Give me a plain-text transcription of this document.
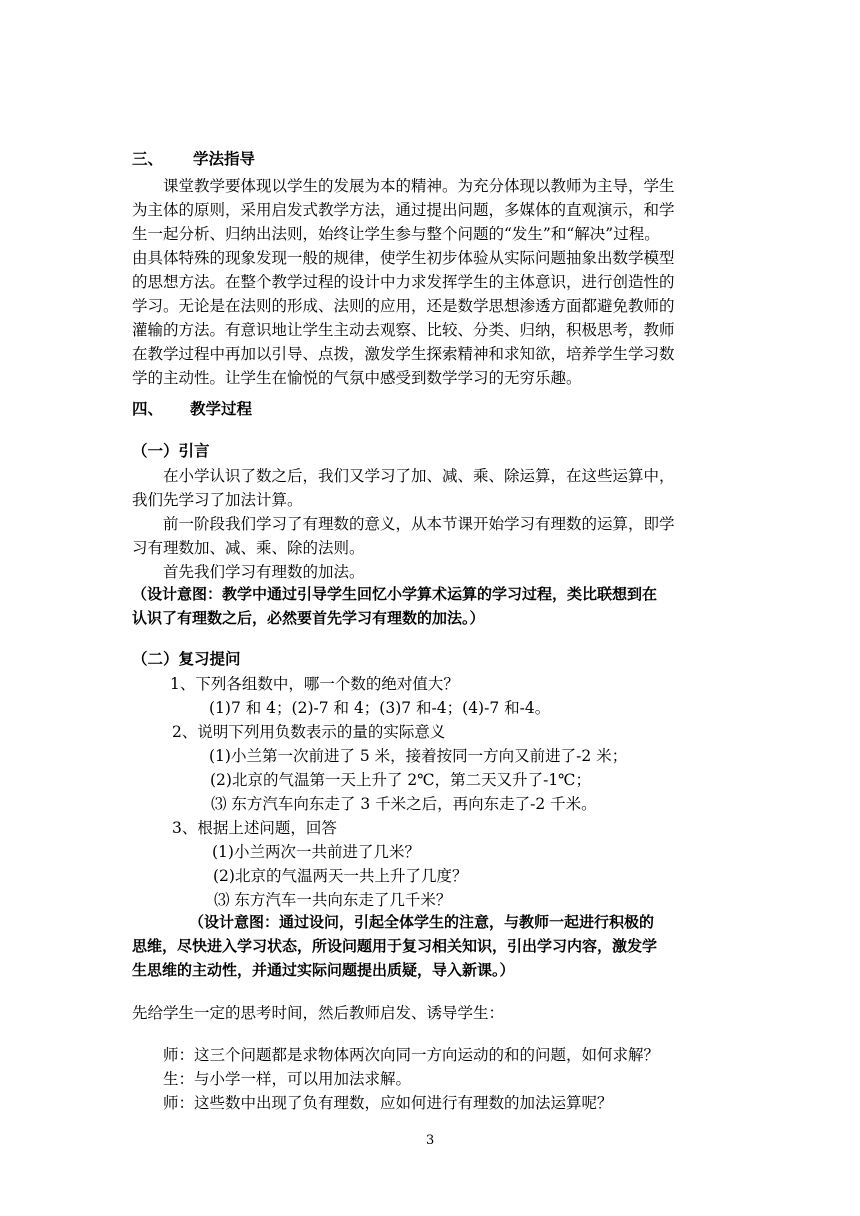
三、 学法指导
课堂教学要体现以学生的发展为本的精神。为充分体现以教师为主导，学生
为主体的原则，采用启发式教学方法，通过提出问题，多媒体的直观演示，和学
生一起分析、归纳出法则，始终让学生参与整个问题的“发生”和“解决”过程。
由具体特殊的现象发现一般的规律，使学生初步体验从实际问题抽象出数学模型
的思想方法。在整个教学过程的设计中力求发挥学生的主体意识，进行创造性的
学习。无论是在法则的形成、法则的应用，还是数学思想渗透方面都避免教师的
灌输的方法。有意识地让学生主动去观察、比较、分类、归纳，积极思考，教师
在教学过程中再加以引导、点拨，激发学生探索精神和求知欲，培养学生学习数
学的主动性。让学生在愉悦的气氛中感受到数学学习的无穷乐趣。
四、 教学过程
（一）引言
在小学认识了数之后，我们又学习了加、减、乘、除运算，在这些运算中，
我们先学习了加法计算。
前一阶段我们学习了有理数的意义，从本节课开始学习有理数的运算，即学
习有理数加、减、乘、除的法则。
首先我们学习有理数的加法。
（设计意图：教学中通过引导学生回忆小学算术运算的学习过程，类比联想到在
认识了有理数之后，必然要首先学习有理数的加法。）
（二）复习提问
1、下列各组数中，哪一个数的绝对值大？
(1)7 和 4；(2)-7 和 4；(3)7 和-4；(4)-7 和-4。
2、说明下列用负数表示的量的实际意义
(1)小兰第一次前进了 5 米，接着按同一方向又前进了-2 米；
(2)北京的气温第一天上升了 2℃，第二天又升了-1℃；
⑶ 东方汽车向东走了 3 千米之后，再向东走了-2 千米。
3、根据上述问题，回答
(1)小兰两次一共前进了几米？
(2)北京的气温两天一共上升了几度？
⑶ 东方汽车一共向东走了几千米？
（设计意图：通过设问，引起全体学生的注意，与教师一起进行积极的
思维，尽快进入学习状态，所设问题用于复习相关知识，引出学习内容，激发学
生思维的主动性，并通过实际问题提出质疑，导入新课。）
先给学生一定的思考时间，然后教师启发、诱导学生：
师：这三个问题都是求物体两次向同一方向运动的和的问题，如何求解？
生：与小学一样，可以用加法求解。
师：这些数中出现了负有理数，应如何进行有理数的加法运算呢？
3
